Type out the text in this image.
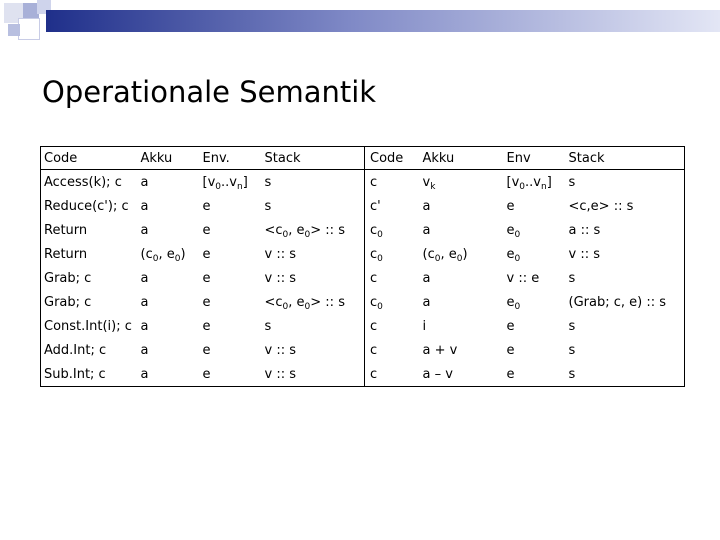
Operationale Semantik
Code	Akku	Env.	Stack	Code	Akku	Env	Stack
Access(k); c	a	$[v_0..v_n]$	s	c	$v_k$	$[v_0..v_n]$	s
Reduce(c'); c	a	e	s	c'	a	e	<c,e> :: s
Return	a	e	$<c_0$, $e_0>$ :: s	$c_0$	a	$e_0$	a :: s
Return	($c_0$, $e_0$)	e	v :: s	$c_0$	($c_0$, $e_0$)	$e_0$	v :: s
Grab; c	a	e	v :: s	c	a	v :: e	s
Grab; c	a	e	$<c_0$, $e_0>$ :: s	$c_0$	a	$e_0$	(Grab; c, e) :: s
Const.Int(i); c	a	e	s	c	i	e	s
Add.Int; c	a	e	v :: s	c	a + v	e	s
Sub.Int; c	a	e	v :: s	c	a – v	e	s
